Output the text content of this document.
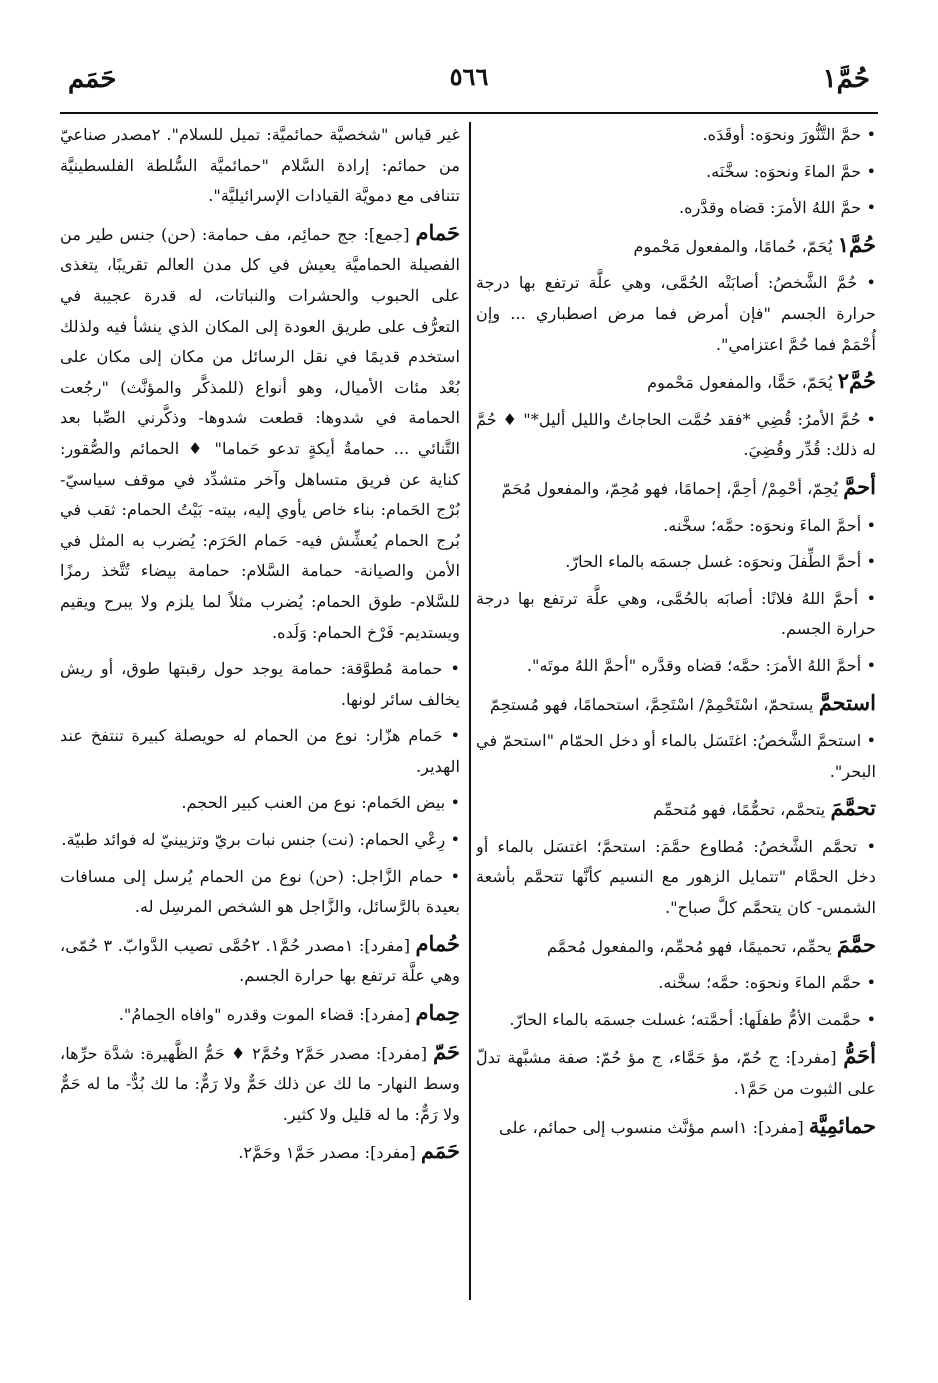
حُمَّ١
٥٦٦
حَمَم

• حمَّ التَّنُّورَ ونحوَه: أوقَدَه.

• حمَّ الماءَ ونحوَه: سخَّنَه.

• حمَّ اللهُ الأمرَ: قضاه وقدَّره.

حُمَّ١ يُحَمّ، حُمامًا، والمفعول مَحْموم

• حُمَّ الشَّخصُ: أصابَتْه الحُمَّى، وهي علَّة ترتفع بها درجة حرارة الجسم "فإن أمرض فما مرض اصطباري ... وإن أُحْمَمْ فما حُمَّ اعتزامي".

حُمَّ٢ يُحَمّ، حَمًّا، والمفعول مَحْموم

• حُمَّ الأمرُ: قُضِي *فقد حُمَّت الحاجاتُ والليل أليل*" ♦ حُمَّ له ذلك: قُدِّر وقُضِيَ.

أحمَّ يُحِمّ، أحْمِمْ/ أحِمَّ، إحمامًا، فهو مُحِمّ، والمفعول مُحَمّ

• أحمَّ الماءَ ونحوَه: حمَّه؛ سخَّنه.

• أحمَّ الطِّفلَ ونحوَه: غسل جسمَه بالماء الحارّ.

• أحمَّ اللهُ فلانًا: أصابَه بالحُمَّى، وهي علَّة ترتفع بها درجة حرارة الجسم.

• أحمَّ اللهُ الأمرَ: حمَّه؛ قضاه وقدَّره "أحمَّ اللهُ موتَه".

استحمَّ يستحمّ، اسْتَحْمِمْ/ اسْتَحِمَّ، استحمامًا، فهو مُستحِمّ

• استحمَّ الشَّخصُ: اغتَسَل بالماء أو دخل الحمّام "استحمّ في البحر".

تحمَّمَ يتحمَّم، تحمُّمًا، فهو مُتحمِّم

• تحمَّم الشَّخصُ: مُطاوع حمَّمَ: استحمَّ؛ اغتسَل بالماء أو دخل الحمَّام "تتمايل الزهور مع النسيم كأنَّها تتحمَّم بأشعة الشمس- كان يتحمَّم كلَّ صباح".

حمَّمَ يحمِّم، تحميمًا، فهو مُحمِّم، والمفعول مُحمَّم

• حمَّم الماءَ ونحوَه: حمَّه؛ سخَّنه.

• حمَّمت الأمُّ طفلَها: أحمَّته؛ غسلت جسمَه بالماء الحارّ.

أحَمُّ [مفرد]: ج حُمّ، مؤ حَمَّاء، ج مؤ حُمّ: صفة مشبَّهة تدلّ على الثبوت من حَمَّ١.

حمائمِيَّة [مفرد]: ١اسم مؤنَّث منسوب إلى حمائم، على

غير قياس "شخصيَّة حمائميَّة: تميل للسلام". ٢مصدر صناعيّ من حمائم: إرادة السَّلام "حمائميَّة السُّلطة الفلسطينيَّة تتنافى مع دمويَّة القيادات الإسرائيليَّة".

حَمام [جمع]: جج حمائِم، مف حمامة: (حن) جنس طير من الفصيلة الحماميَّة يعيش في كل مدن العالم تقريبًا، يتغذى على الحبوب والحشرات والنباتات، له قدرة عجيبة في التعرُّف على طريق العودة إلى المكان الذي ينشأ فيه ولذلك استخدم قديمًا في نقل الرسائل من مكان إلى مكان على بُعْد مئات الأميال، وهو أنواع (للمذكَّر والمؤنَّث) "رجُعت الحمامة في شدوها: قطعت شدوها- وذكَّرني الصِّبا بعد التَّنائي ... حمامةُ أيكةٍ تدعو حَماما" ♦ الحمائم والصُّقور: كناية عن فريق متساهل وآخر متشدِّد في موقف سياسيّ- بُرْج الحَمام: بناء خاص يأوي إليه، بيته- بَيْتُ الحمام: ثقب في بُرج الحمام يُعشِّش فيه- حَمام الحَرَم: يُضرب به المثل في الأمن والصيانة- حمامة السَّلام: حمامة بيضاء تُتَّخذ رمزًا للسَّلام- طوق الحمام: يُضرب مثلاً لما يلزم ولا يبرح ويقيم ويستديم- فَرْخ الحمام: وَلَده.

• حمامة مُطوَّقة: حمامة يوجد حول رقبتها طوق، أو ريش يخالف سائر لونها.

• حَمام هزّار: نوع من الحمام له حويصلة كبيرة تنتفخ عند الهدير.

• بيض الحَمام: نوع من العنب كبير الحجم.

• رِعْي الحمام: (نت) جنس نبات بريّ وتزيينيّ له فوائد طبيّة.

• حمام الزَّاجل: (حن) نوع من الحمام يُرسل إلى مسافات بعيدة بالرَّسائل، والزَّاجل هو الشخص المرسِل له.

حُمام [مفرد]: ١مصدر حُمَّ١. ٢حُمَّى تصيب الدَّوابّ. ٣ حُمّى، وهي علَّة ترتفع بها حرارة الجسم.

حِمام [مفرد]: قضاء الموت وقدره "وافاه الحِمامُ".

حَمّ [مفرد]: مصدر حَمَّ٢ وحُمَّ٢ ♦ حَمُّ الظَّهيرة: شدَّة حرِّها، وسط النهار- ما لك عن ذلك حَمٌّ ولا رَمٌّ: ما لك بُدٌّ- ما له حَمٌّ ولا رَمٌّ: ما له قليل ولا كثير.

حَمَم [مفرد]: مصدر حَمَّ١ وحَمَّ٢.
